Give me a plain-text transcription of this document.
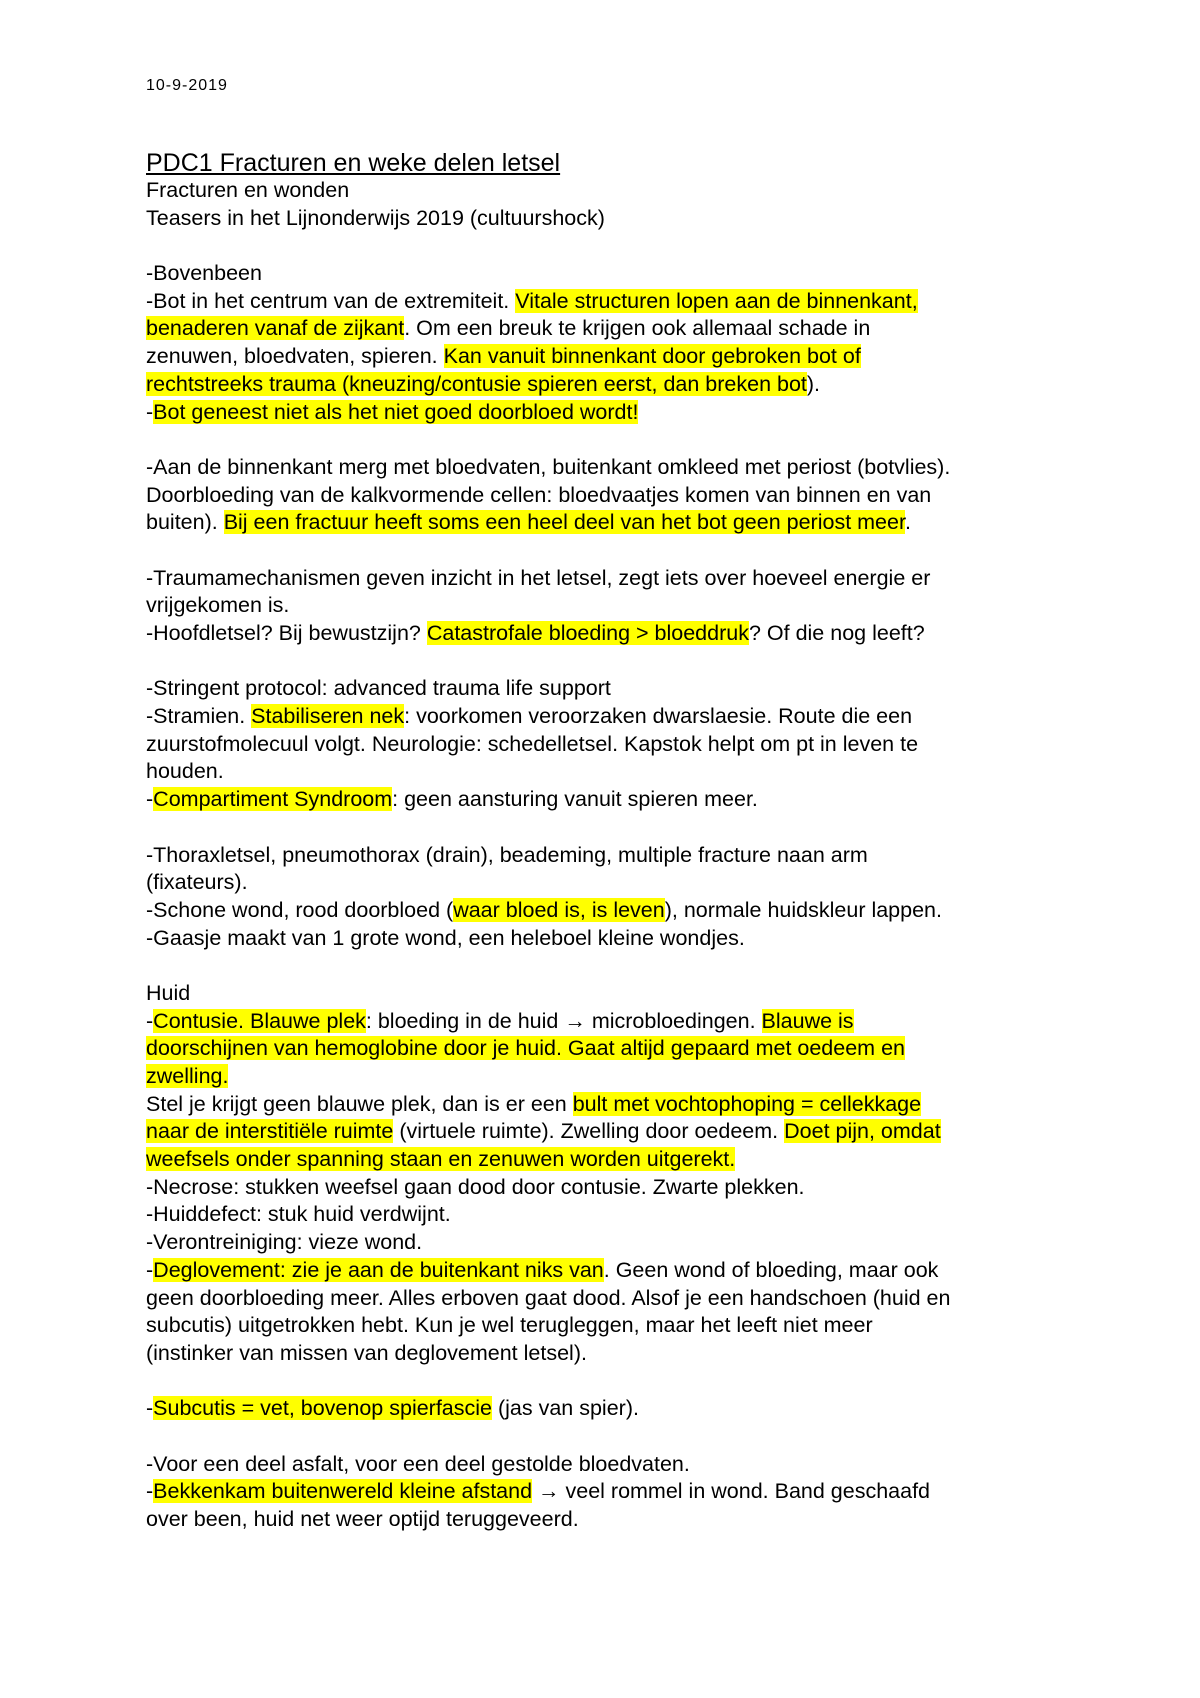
10-9-2019
PDC1 Fracturen en weke delen letsel
Fracturen en wonden
Teasers in het Lijnonderwijs 2019 (cultuurshock)
-Bovenbeen
-Bot in het centrum van de extremiteit. Vitale structuren lopen aan de binnenkant,
benaderen vanaf de zijkant. Om een breuk te krijgen ook allemaal schade in
zenuwen, bloedvaten, spieren. Kan vanuit binnenkant door gebroken bot of
rechtstreeks trauma (kneuzing/contusie spieren eerst, dan breken bot).
-Bot geneest niet als het niet goed doorbloed wordt!
-Aan de binnenkant merg met bloedvaten, buitenkant omkleed met periost (botvlies).
Doorbloeding van de kalkvormende cellen: bloedvaatjes komen van binnen en van
buiten). Bij een fractuur heeft soms een heel deel van het bot geen periost meer.
-Traumamechanismen geven inzicht in het letsel, zegt iets over hoeveel energie er
vrijgekomen is.
-Hoofdletsel? Bij bewustzijn? Catastrofale bloeding > bloeddruk? Of die nog leeft?
-Stringent protocol: advanced trauma life support
-Stramien. Stabiliseren nek: voorkomen veroorzaken dwarslaesie. Route die een
zuurstofmolecuul volgt. Neurologie: schedelletsel. Kapstok helpt om pt in leven te
houden.
-Compartiment Syndroom: geen aansturing vanuit spieren meer.
-Thoraxletsel, pneumothorax (drain), beademing, multiple fracture naan arm
(fixateurs).
-Schone wond, rood doorbloed (waar bloed is, is leven), normale huidskleur lappen.
-Gaasje maakt van 1 grote wond, een heleboel kleine wondjes.
Huid
-Contusie. Blauwe plek: bloeding in de huid → microbloedingen. Blauwe is
doorschijnen van hemoglobine door je huid. Gaat altijd gepaard met oedeem en
zwelling.
Stel je krijgt geen blauwe plek, dan is er een bult met vochtophoping = cellekkage
naar de interstitiële ruimte (virtuele ruimte). Zwelling door oedeem. Doet pijn, omdat
weefsels onder spanning staan en zenuwen worden uitgerekt.
-Necrose: stukken weefsel gaan dood door contusie. Zwarte plekken.
-Huiddefect: stuk huid verdwijnt.
-Verontreiniging: vieze wond.
-Deglovement: zie je aan de buitenkant niks van. Geen wond of bloeding, maar ook
geen doorbloeding meer. Alles erboven gaat dood. Alsof je een handschoen (huid en
subcutis) uitgetrokken hebt. Kun je wel terugleggen, maar het leeft niet meer
(instinker van missen van deglovement letsel).
-Subcutis = vet, bovenop spierfascie (jas van spier).
-Voor een deel asfalt, voor een deel gestolde bloedvaten.
-Bekkenkam buitenwereld kleine afstand → veel rommel in wond. Band geschaafd
over been, huid net weer optijd teruggeveerd.
